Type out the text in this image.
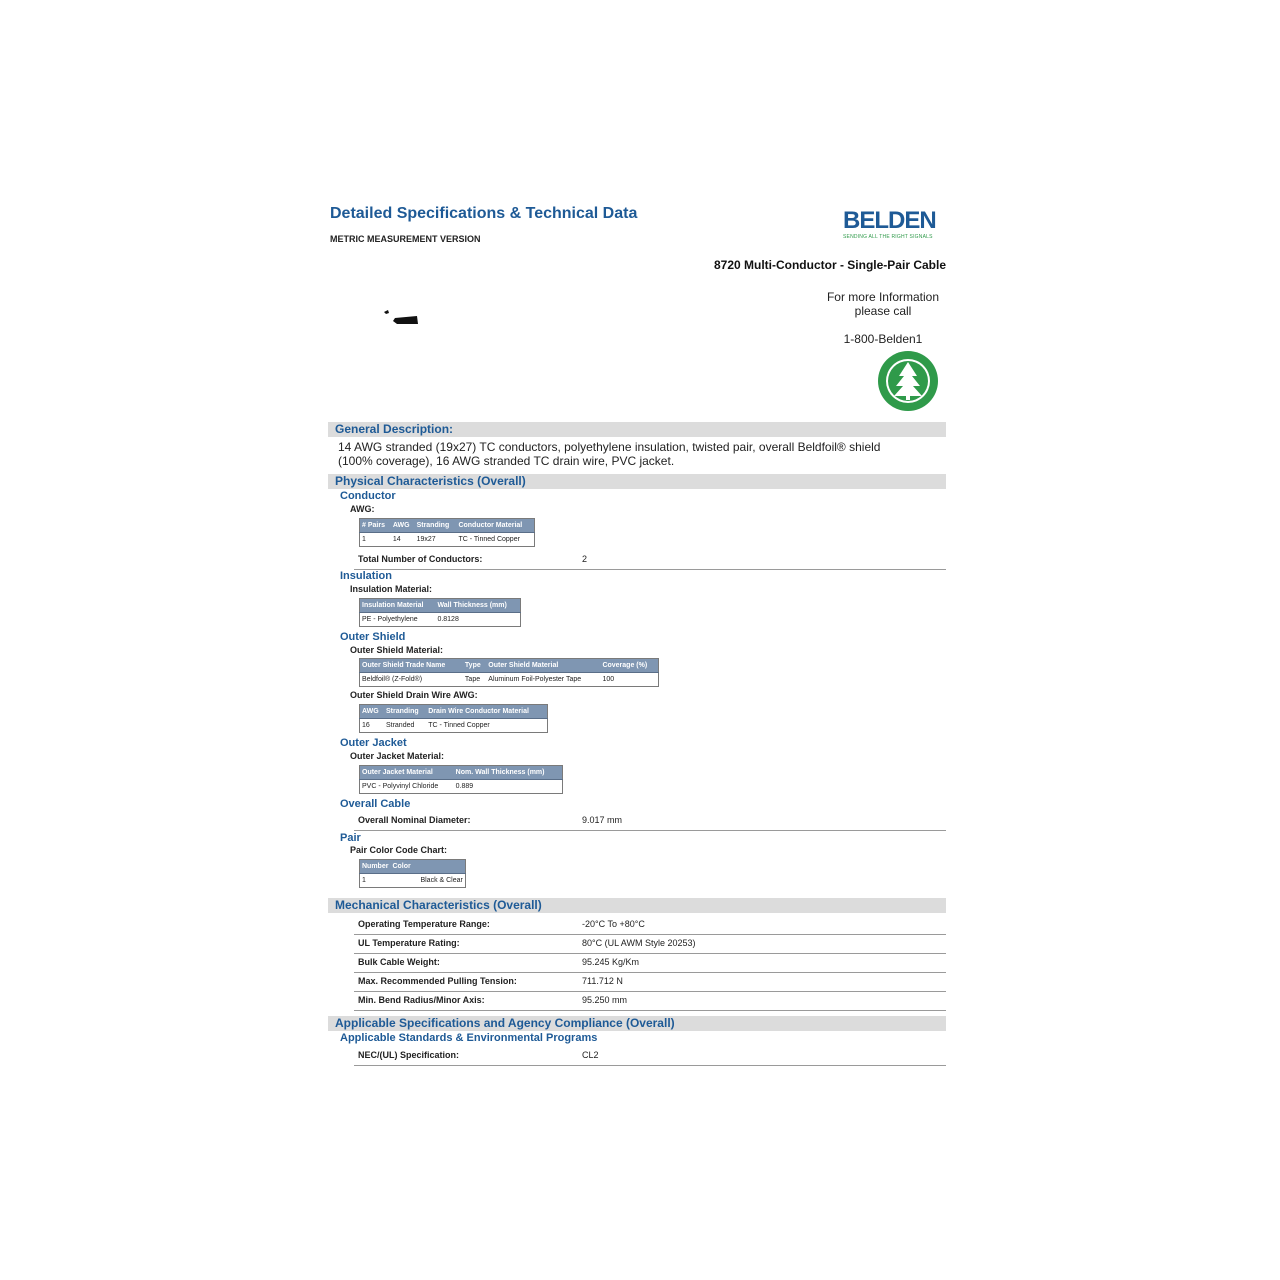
Detailed Specifications & Technical Data
METRIC MEASUREMENT VERSION
BELDEN
SENDING ALL THE RIGHT SIGNALS
8720 Multi-Conductor - Single-Pair Cable
For more Information
please call
1-800-Belden1
General Description:
14 AWG stranded (19x27) TC conductors, polyethylene insulation, twisted pair, overall Beldfoil® shield (100% coverage), 16 AWG stranded TC drain wire, PVC jacket.
Physical Characteristics (Overall)
Conductor
AWG:
# Pairs	AWG	Stranding	Conductor Material
1	14	19x27	TC - Tinned Copper
Total Number of Conductors:	2
Insulation
Insulation Material:
Insulation Material	Wall Thickness (mm)
PE - Polyethylene	0.8128
Outer Shield
Outer Shield Material:
Outer Shield Trade Name	Type	Outer Shield Material	Coverage (%)
Beldfoil® (Z-Fold®)	Tape	Aluminum Foil-Polyester Tape	100
Outer Shield Drain Wire AWG:
AWG	Stranding	Drain Wire Conductor Material
16	Stranded	TC - Tinned Copper
Outer Jacket
Outer Jacket Material:
Outer Jacket Material	Nom. Wall Thickness (mm)
PVC - Polyvinyl Chloride	0.889
Overall Cable
Overall Nominal Diameter:	9.017 mm
Pair
Pair Color Code Chart:
Number	Color
1	Black & Clear
Mechanical Characteristics (Overall)
Operating Temperature Range:	-20°C To +80°C
UL Temperature Rating:	80°C (UL AWM Style 20253)
Bulk Cable Weight:	95.245 Kg/Km
Max. Recommended Pulling Tension:	711.712 N
Min. Bend Radius/Minor Axis:	95.250 mm
Applicable Specifications and Agency Compliance (Overall)
Applicable Standards & Environmental Programs
NEC/(UL) Specification:	CL2
